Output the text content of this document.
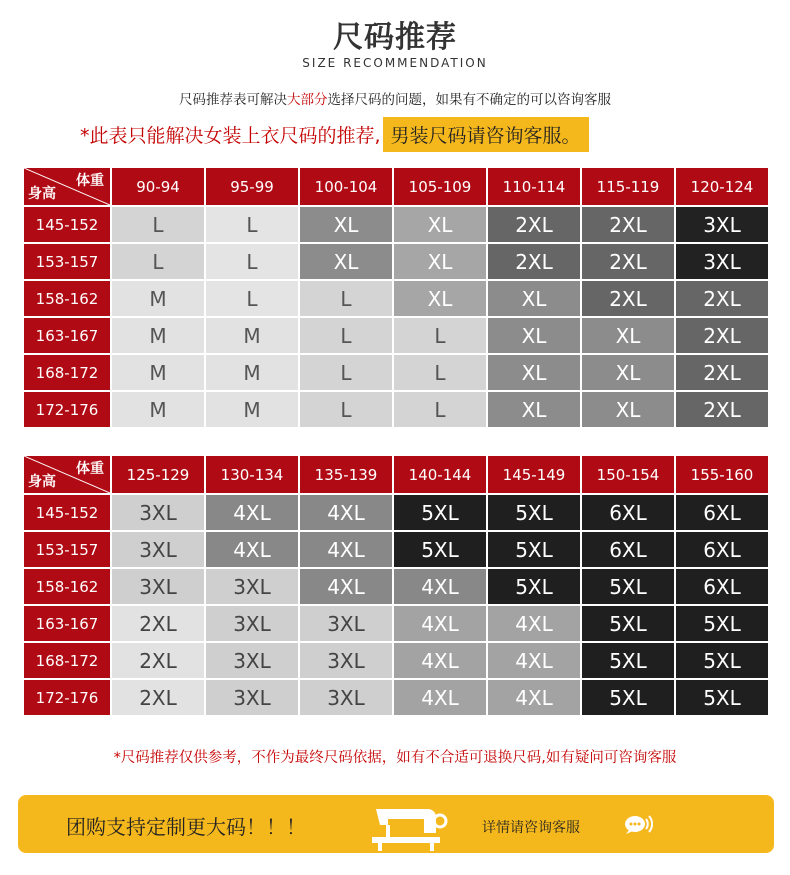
尺码推荐
SIZE RECOMMENDATION
尺码推荐表可解决大部分选择尺码的问题，如果有不确定的可以咨询客服
*此表只能解决女装上衣尺码的推荐, 男装尺码请咨询客服。
体重
身高	90-94	95-99	100-104	105-109	110-114	115-119	120-124
145-152	L	L	XL	XL	2XL	2XL	3XL
153-157	L	L	XL	XL	2XL	2XL	3XL
158-162	M	L	L	XL	XL	2XL	2XL
163-167	M	M	L	L	XL	XL	2XL
168-172	M	M	L	L	XL	XL	2XL
172-176	M	M	L	L	XL	XL	2XL
体重
身高	125-129	130-134	135-139	140-144	145-149	150-154	155-160
145-152	3XL	4XL	4XL	5XL	5XL	6XL	6XL
153-157	3XL	4XL	4XL	5XL	5XL	6XL	6XL
158-162	3XL	3XL	4XL	4XL	5XL	5XL	6XL
163-167	2XL	3XL	3XL	4XL	4XL	5XL	5XL
168-172	2XL	3XL	3XL	4XL	4XL	5XL	5XL
172-176	2XL	3XL	3XL	4XL	4XL	5XL	5XL
*尺码推荐仅供参考，不作为最终尺码依据，如有不合适可退换尺码,如有疑问可咨询客服
团购支持定制更大码！！！	详情请咨询客服
